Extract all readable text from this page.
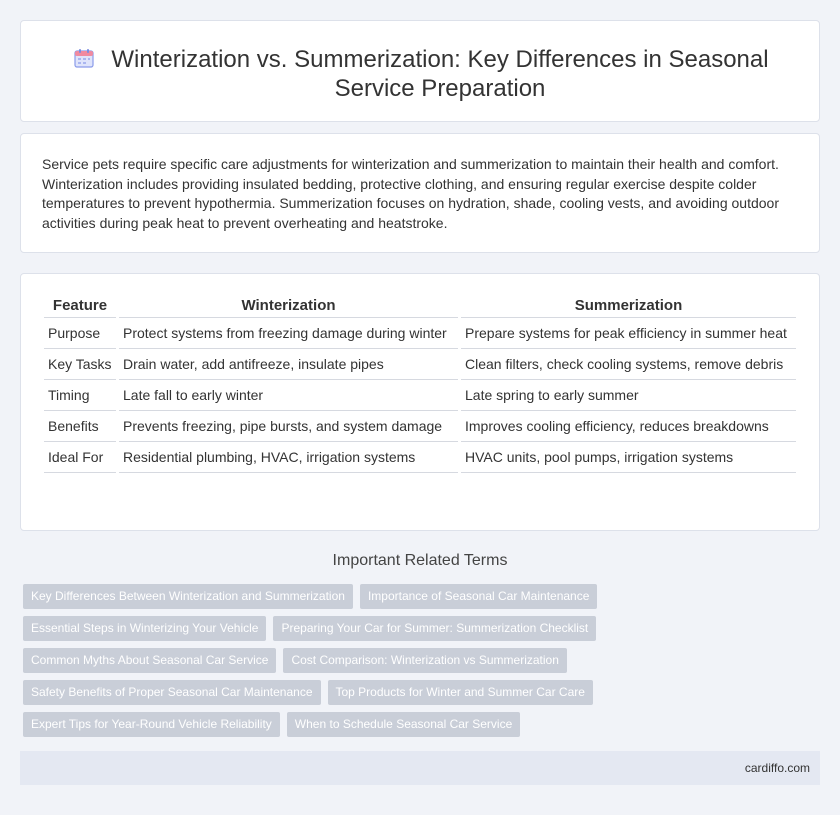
Winterization vs. Summerization: Key Differences in Seasonal Service Preparation

Service pets require specific care adjustments for winterization and summerization to maintain their health and comfort. Winterization includes providing insulated bedding, protective clothing, and ensuring regular exercise despite colder temperatures to prevent hypothermia. Summerization focuses on hydration, shade, cooling vests, and avoiding outdoor activities during peak heat to prevent overheating and heatstroke.

Feature	Winterization	Summerization
Purpose	Protect systems from freezing damage during winter	Prepare systems for peak efficiency in summer heat
Key Tasks	Drain water, add antifreeze, insulate pipes	Clean filters, check cooling systems, remove debris
Timing	Late fall to early winter	Late spring to early summer
Benefits	Prevents freezing, pipe bursts, and system damage	Improves cooling efficiency, reduces breakdowns
Ideal For	Residential plumbing, HVAC, irrigation systems	HVAC units, pool pumps, irrigation systems
Important Related Terms
Key Differences Between Winterization and Summerization	Importance of Seasonal Car Maintenance
Essential Steps in Winterizing Your Vehicle	Preparing Your Car for Summer: Summerization Checklist
Common Myths About Seasonal Car Service	Cost Comparison: Winterization vs Summerization
Safety Benefits of Proper Seasonal Car Maintenance	Top Products for Winter and Summer Car Care
Expert Tips for Year-Round Vehicle Reliability	When to Schedule Seasonal Car Service
cardiffo.com
